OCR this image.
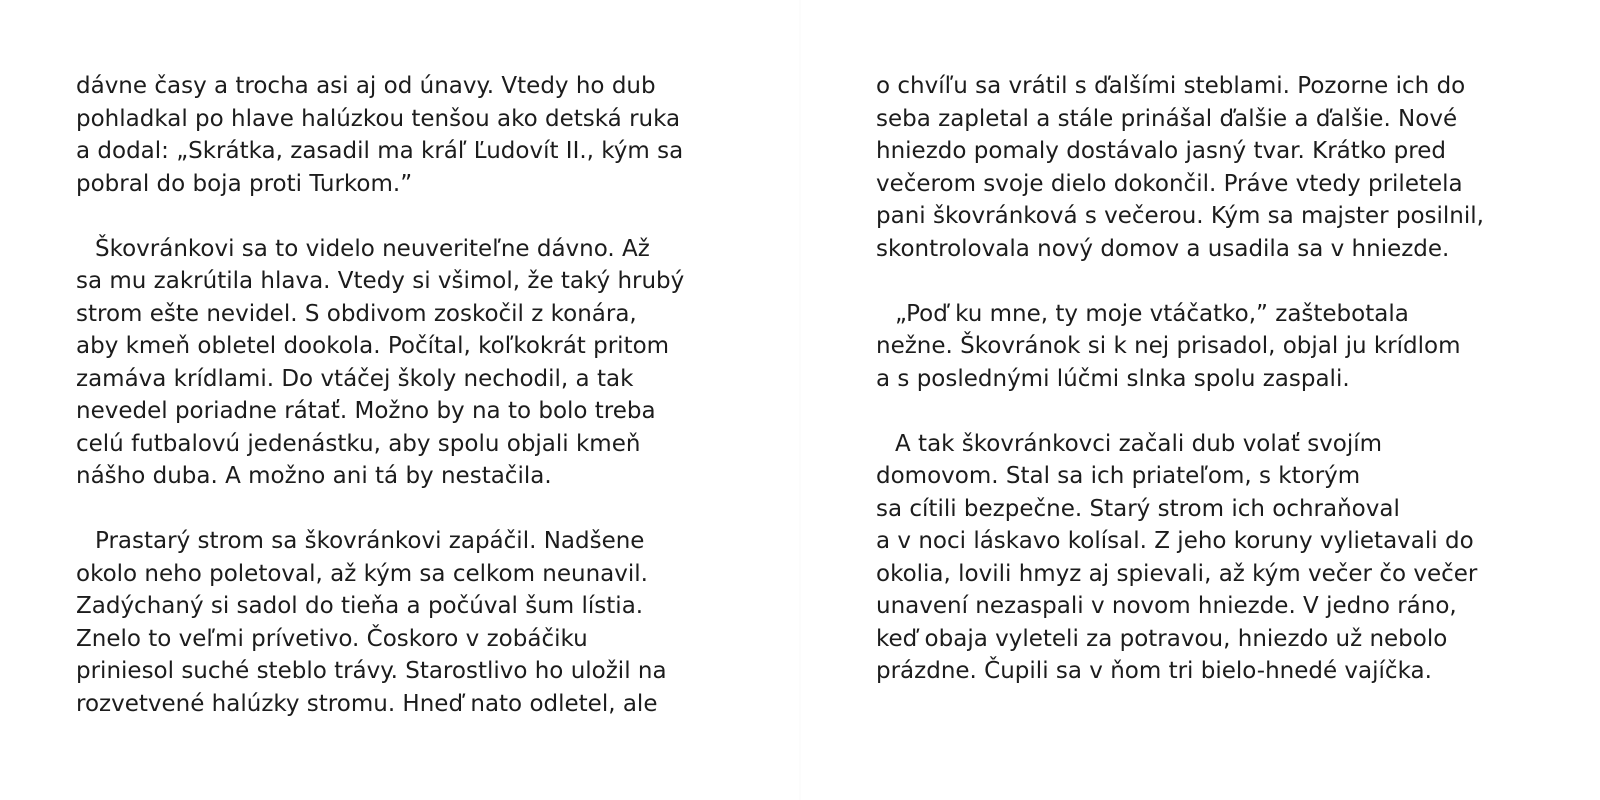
dávne časy a trocha asi aj od únavy. Vtedy ho dub
pohladkal po hlave halúzkou tenšou ako detská ruka
a dodal: „Skrátka, zasadil ma kráľ Ľudovít II., kým sa
pobral do boja proti Turkom.”

Škovránkovi sa to videlo neuveriteľne dávno. Až
sa mu zakrútila hlava. Vtedy si všimol, že taký hrubý
strom ešte nevidel. S obdivom zoskočil z konára,
aby kmeň obletel dookola. Počítal, koľkokrát pritom
zamáva krídlami. Do vtáčej školy nechodil, a tak
nevedel poriadne rátať. Možno by na to bolo treba
celú futbalovú jedenástku, aby spolu objali kmeň
nášho duba. A možno ani tá by nestačila.

Prastarý strom sa škovránkovi zapáčil. Nadšene
okolo neho poletoval, až kým sa celkom neunavil.
Zadýchaný si sadol do tieňa a počúval šum lístia.
Znelo to veľmi prívetivo. Čoskoro v zobáčiku
priniesol suché steblo trávy. Starostlivo ho uložil na
rozvetvené halúzky stromu. Hneď nato odletel, ale

o chvíľu sa vrátil s ďalšími steblami. Pozorne ich do
seba zapletal a stále prinášal ďalšie a ďalšie. Nové
hniezdo pomaly dostávalo jasný tvar. Krátko pred
večerom svoje dielo dokončil. Práve vtedy priletela
pani škovránková s večerou. Kým sa majster posilnil,
skontrolovala nový domov a usadila sa v hniezde.

„Poď ku mne, ty moje vtáčatko,” zaštebotala
nežne. Škovránok si k nej prisadol, objal ju krídlom
a s poslednými lúčmi slnka spolu zaspali.

A tak škovránkovci začali dub volať svojím
domovom. Stal sa ich priateľom, s ktorým
sa cítili bezpečne. Starý strom ich ochraňoval
a v noci láskavo kolísal. Z jeho koruny vylietavali do
okolia, lovili hmyz aj spievali, až kým večer čo večer
unavení nezaspali v novom hniezde. V jedno ráno,
keď obaja vyleteli za potravou, hniezdo už nebolo
prázdne. Čupili sa v ňom tri bielo-hnedé vajíčka.
